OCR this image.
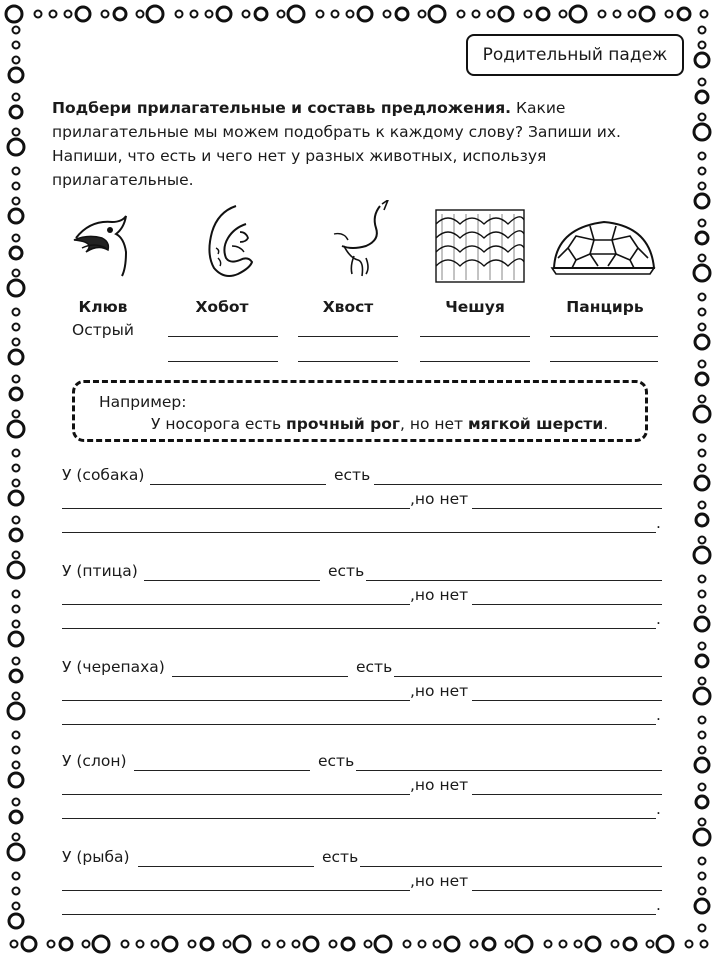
Родительный падеж
Подбери прилагательные и составь предложения. Какие прилагательные мы можем подобрать к каждому слову? Запиши их. Напиши, что есть и чего нет у разных животных, используя прилагательные.
Клюв	Хобот	Хвост	Чешуя	Панцирь
Острый
Например:
У носорога есть прочный рог, но нет мягкой шерсти.
У (собака)	есть
,но нет
.
У (птица)	есть
,но нет
.
У (черепаха)	есть
,но нет
.
У (слон)	есть
,но нет
.
У (рыба)	есть
,но нет
.
